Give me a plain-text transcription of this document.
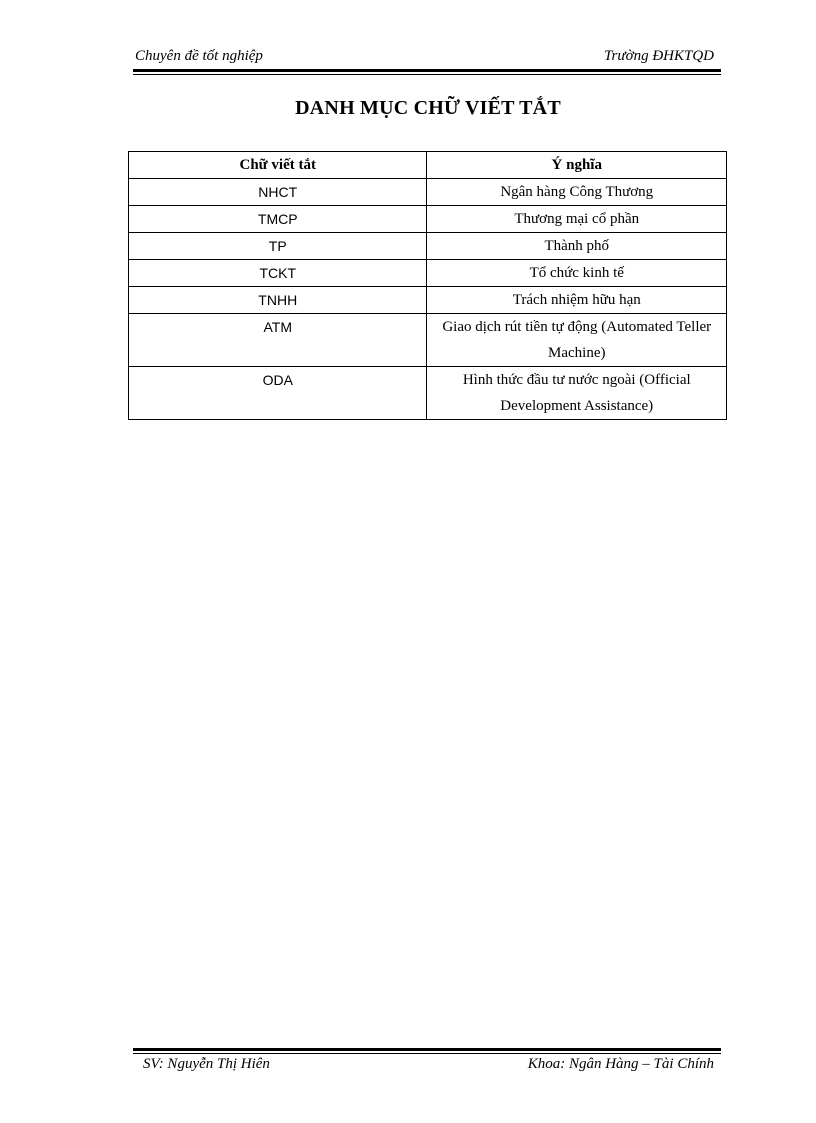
Chuyên đề tốt nghiệp	Trường ĐHKTQD
DANH MỤC CHỮ VIẾT TẮT
Chữ viết tắt	Ý nghĩa
NHCT	Ngân hàng Công Thương
TMCP	Thương mại cổ phần
TP	Thành phố
TCKT	Tổ chức kinh tế
TNHH	Trách nhiệm hữu hạn
ATM	Giao dịch rút tiền tự động (Automated Teller Machine)
ODA	Hình thức đầu tư nước ngoài (Official Development Assistance)
SV: Nguyễn Thị Hiên	Khoa: Ngân Hàng – Tài Chính
